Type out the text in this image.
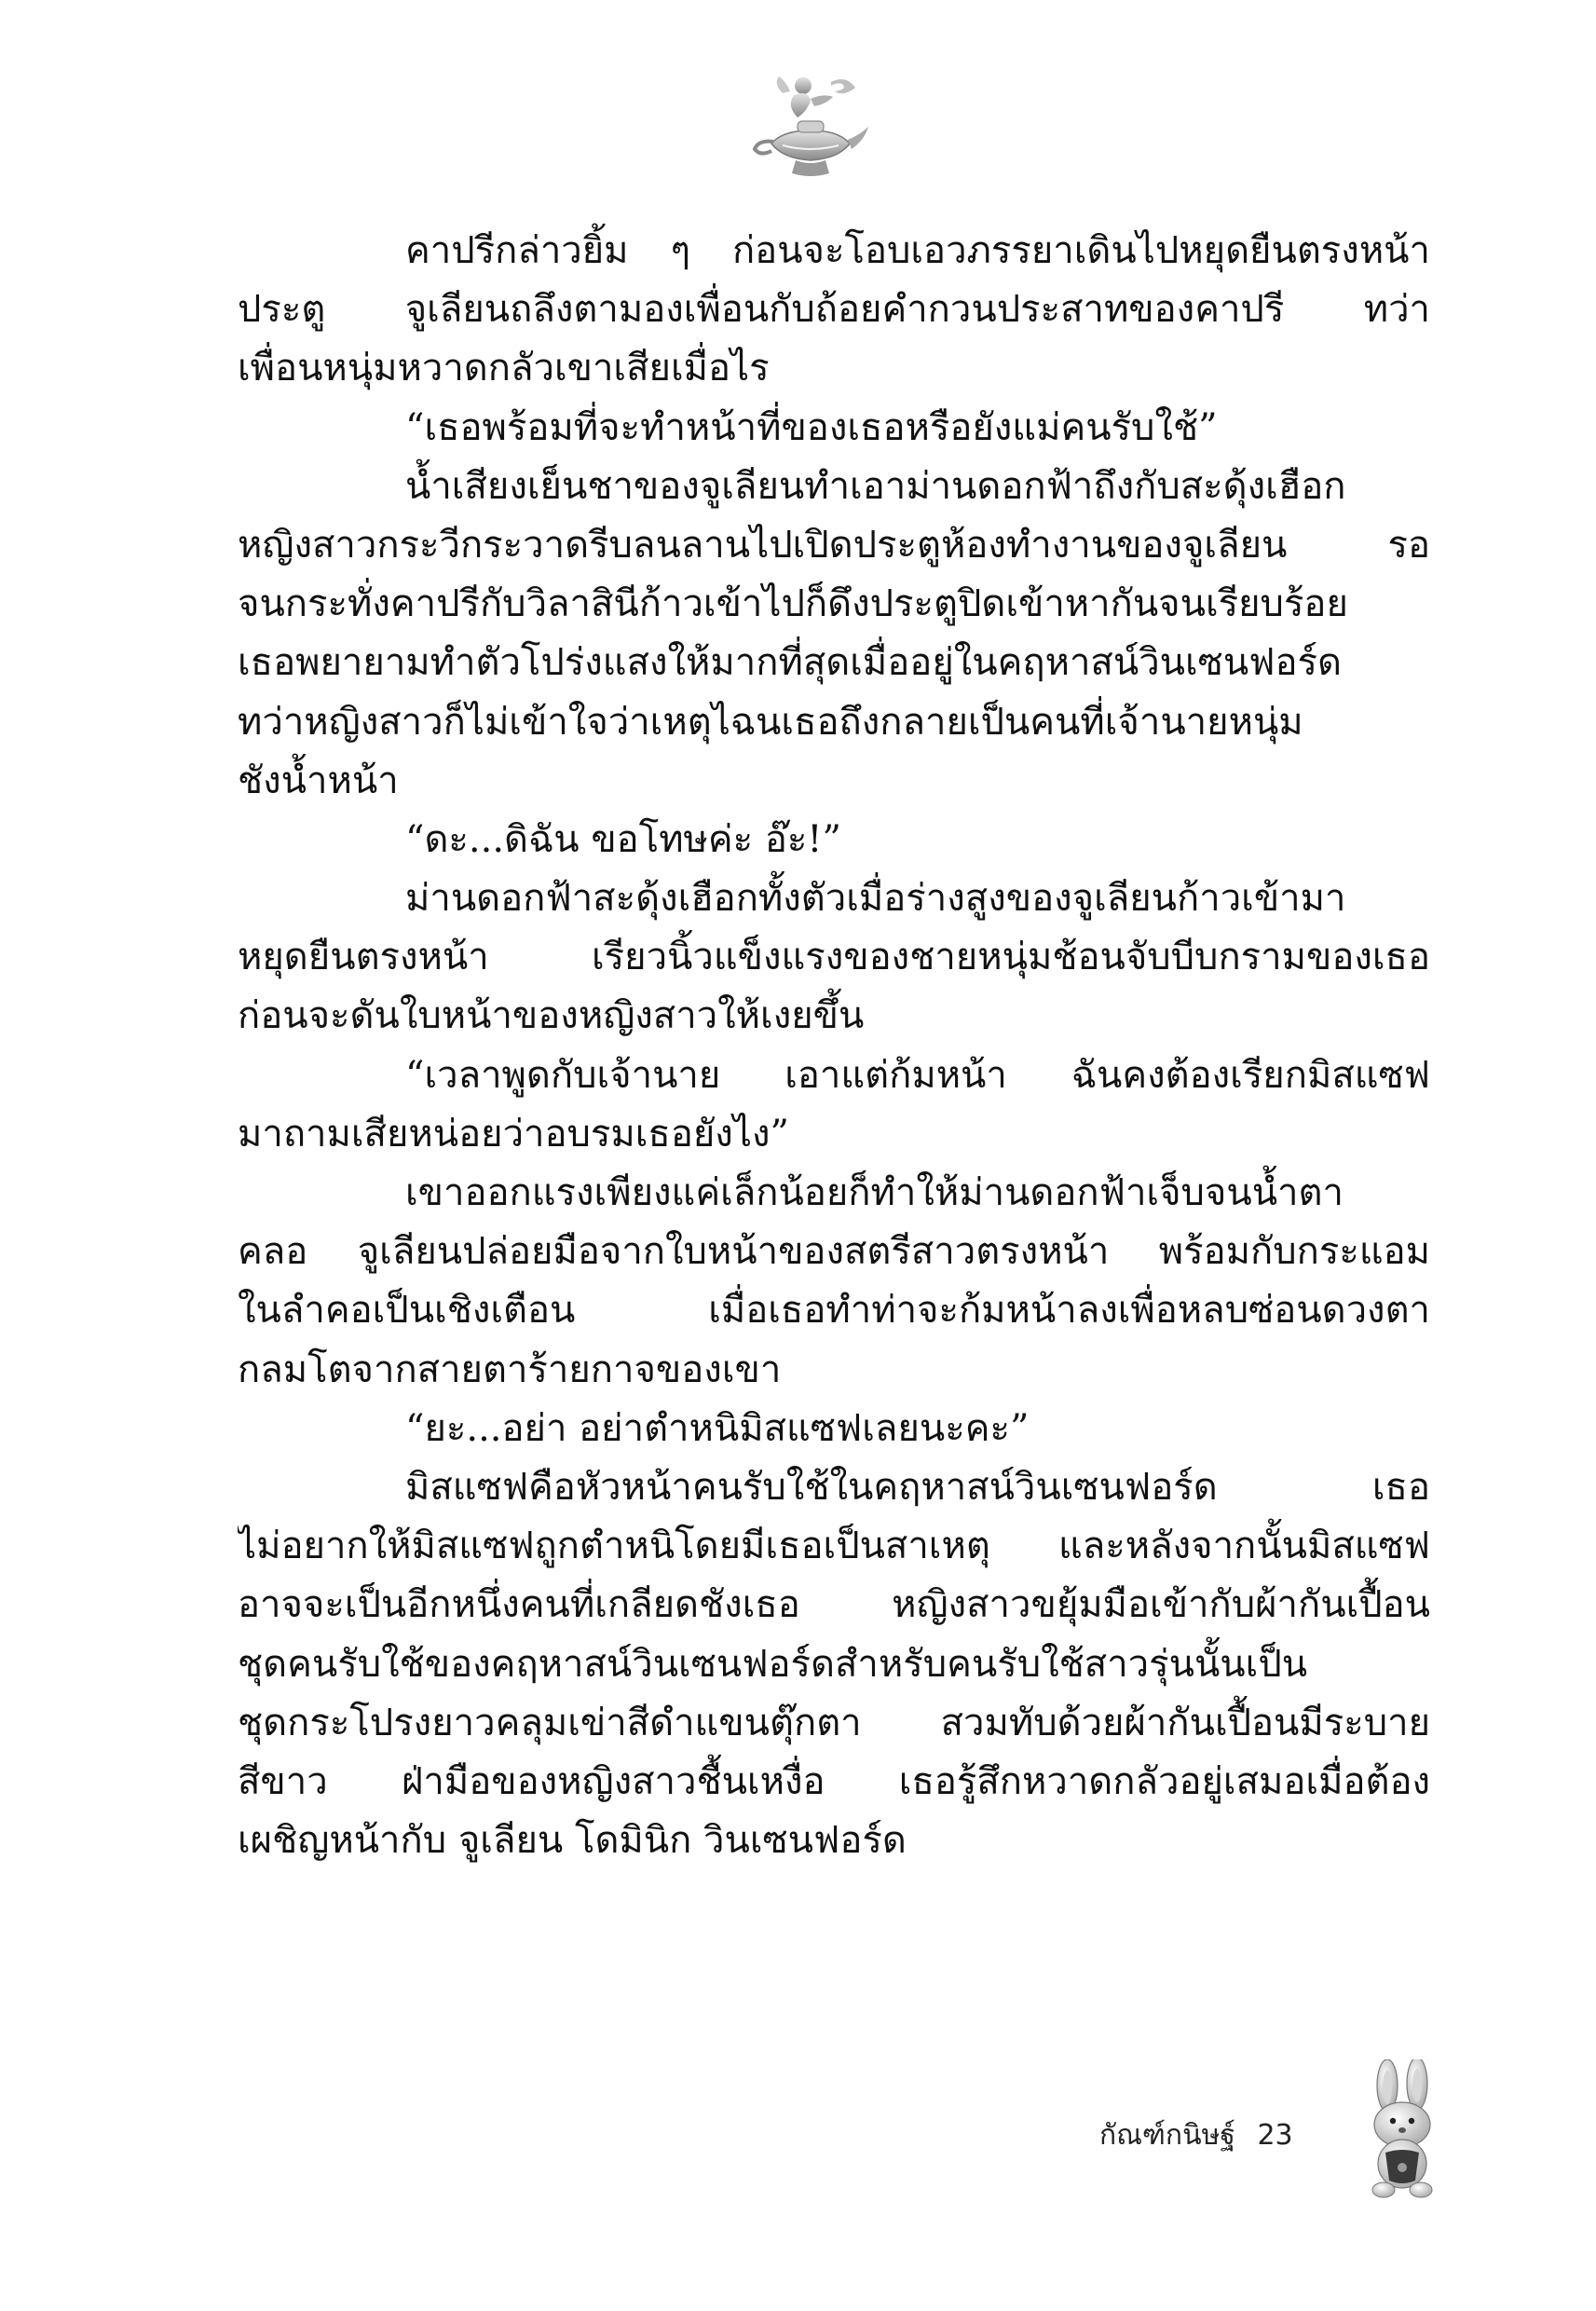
คาปรีกล่าวยิ้ม ๆ ก่อนจะโอบเอวภรรยาเดินไปหยุดยืนตรงหน้า
ประตู จูเลียนถลึงตามองเพื่อนกับถ้อยคำกวนประสาทของคาปรี ทว่า
เพื่อนหนุ่มหวาดกลัวเขาเสียเมื่อไร
“เธอพร้อมที่จะทำหน้าที่ของเธอหรือยังแม่คนรับใช้”
น้ำเสียงเย็นชาของจูเลียนทำเอาม่านดอกฟ้าถึงกับสะดุ้งเฮือก
หญิงสาวกระวีกระวาดรีบลนลานไปเปิดประตูห้องทำงานของจูเลียน รอ
จนกระทั่งคาปรีกับวิลาสินีก้าวเข้าไปก็ดึงประตูปิดเข้าหากันจนเรียบร้อย
เธอพยายามทำตัวโปร่งแสงให้มากที่สุดเมื่ออยู่ในคฤหาสน์วินเซนฟอร์ด
ทว่าหญิงสาวก็ไม่เข้าใจว่าเหตุไฉนเธอถึงกลายเป็นคนที่เจ้านายหนุ่ม
ชังน้ำหน้า
“ดะ...ดิฉัน ขอโทษค่ะ อ๊ะ!”
ม่านดอกฟ้าสะดุ้งเฮือกทั้งตัวเมื่อร่างสูงของจูเลียนก้าวเข้ามา
หยุดยืนตรงหน้า เรียวนิ้วแข็งแรงของชายหนุ่มช้อนจับบีบกรามของเธอ
ก่อนจะดันใบหน้าของหญิงสาวให้เงยขึ้น
“เวลาพูดกับเจ้านาย เอาแต่ก้มหน้า ฉันคงต้องเรียกมิสแซฟ
มาถามเสียหน่อยว่าอบรมเธอยังไง”
เขาออกแรงเพียงแค่เล็กน้อยก็ทำให้ม่านดอกฟ้าเจ็บจนน้ำตา
คลอ จูเลียนปล่อยมือจากใบหน้าของสตรีสาวตรงหน้า พร้อมกับกระแอม
ในลำคอเป็นเชิงเตือน เมื่อเธอทำท่าจะก้มหน้าลงเพื่อหลบซ่อนดวงตา
กลมโตจากสายตาร้ายกาจของเขา
“ยะ...อย่า อย่าตำหนิมิสแซฟเลยนะคะ”
มิสแซฟคือหัวหน้าคนรับใช้ในคฤหาสน์วินเซนฟอร์ด เธอ
ไม่อยากให้มิสแซฟถูกตำหนิโดยมีเธอเป็นสาเหตุ และหลังจากนั้นมิสแซฟ
อาจจะเป็นอีกหนึ่งคนที่เกลียดชังเธอ หญิงสาวขยุ้มมือเข้ากับผ้ากันเปื้อน
ชุดคนรับใช้ของคฤหาสน์วินเซนฟอร์ดสำหรับคนรับใช้สาวรุ่นนั้นเป็น
ชุดกระโปรงยาวคลุมเข่าสีดำแขนตุ๊กตา สวมทับด้วยผ้ากันเปื้อนมีระบาย
สีขาว ฝ่ามือของหญิงสาวชื้นเหงื่อ เธอรู้สึกหวาดกลัวอยู่เสมอเมื่อต้อง
เผชิญหน้ากับ จูเลียน โดมินิก วินเซนฟอร์ด
กัณฑ์กนิษฐ์ 23
